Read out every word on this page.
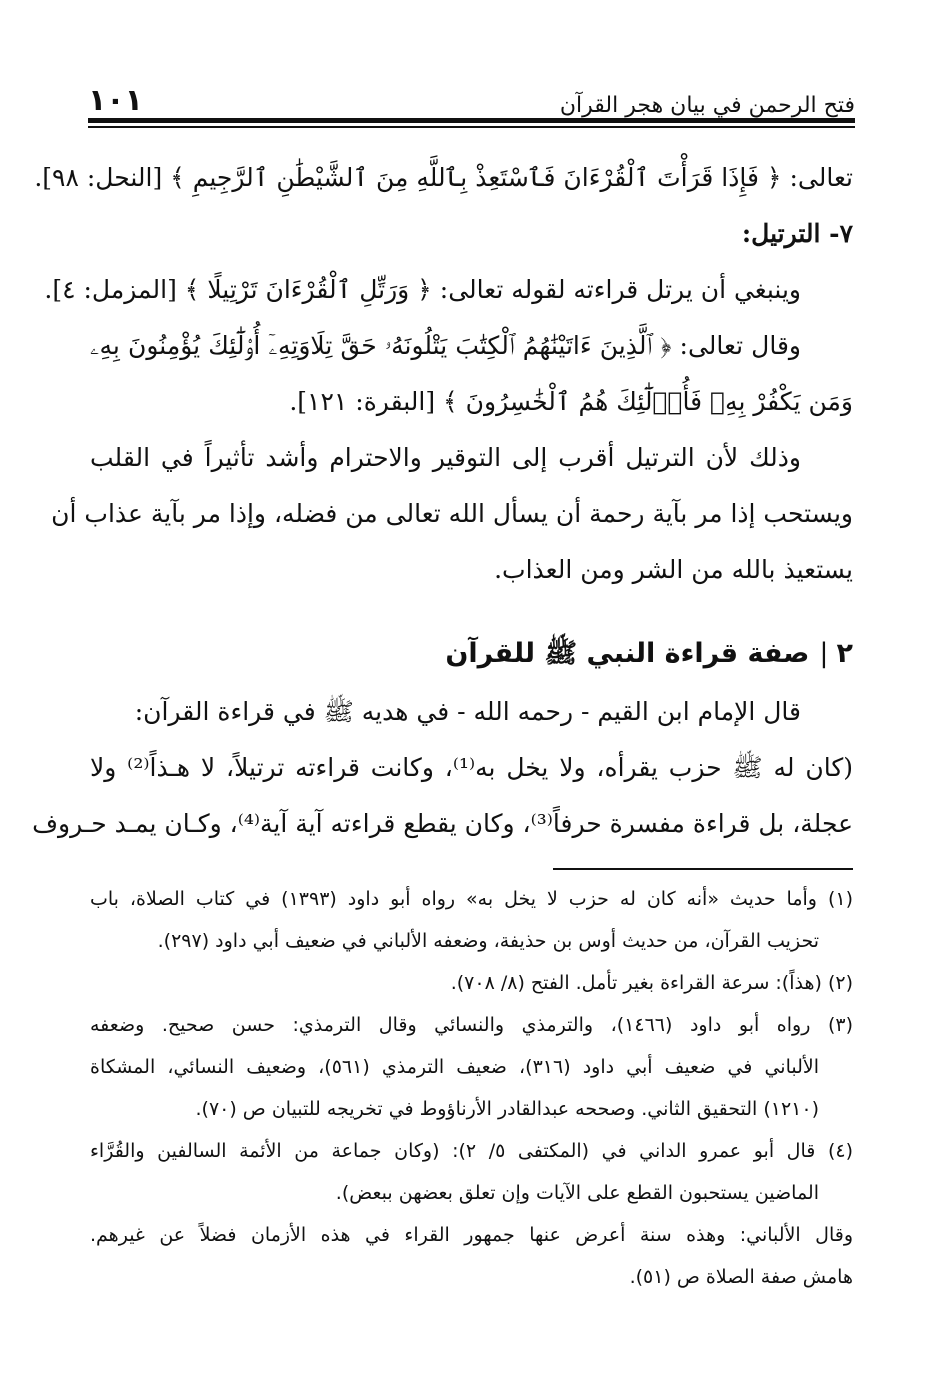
فتح الرحمن في بيان هجر القرآن
١٠١
تعالى: ﴿ فَإِذَا قَرَأْتَ ٱلْقُرْءَانَ فَٱسْتَعِذْ بِٱللَّهِ مِنَ ٱلشَّيْطَٰنِ ٱلرَّجِيمِ ﴾ [النحل: ٩٨].
٧- الترتيل:
وينبغي أن يرتل قراءته لقوله تعالى: ﴿ وَرَتِّلِ ٱلْقُرْءَانَ تَرْتِيلًا ﴾ [المزمل: ٤].
وقال تعالى: ﴿ ٱلَّذِينَ ءَاتَيْنَٰهُمُ ٱلْكِتَٰبَ يَتْلُونَهُۥ حَقَّ تِلَاوَتِهِۦٓ أُو۟لَٰٓئِكَ يُؤْمِنُونَ بِهِۦ
وَمَن يَكْفُرْ بِهِۦ فَأُو۟لَٰٓئِكَ هُمُ ٱلْخَٰسِرُونَ ﴾ [البقرة: ١٢١].
وذلك لأن الترتيل أقرب إلى التوقير والاحترام وأشد تأثيراً في القلب
ويستحب إذا مر بآية رحمة أن يسأل الله تعالى من فضله، وإذا مر بآية عذاب أن
يستعيذ بالله من الشر ومن العذاب.
٢|صفة قراءة النبي ﷺ للقرآن
قال الإمام ابن القيم - رحمه الله - في هديه ﷺ في قراءة القرآن:
(كان له ﷺ حزب يقرأه، ولا يخل به⁽¹⁾، وكانت قراءته ترتيلاً، لا هـذاً⁽²⁾ ولا
عجلة، بل قراءة مفسرة حرفاً⁽³⁾، وكان يقطع قراءته آية آية⁽⁴⁾، وكـان يمـد حـروف
(١) وأما حديث «أنه كان له حزب لا يخل به» رواه أبو داود (١٣٩٣) في كتاب الصلاة، باب
تحزيب القرآن، من حديث أوس بن حذيفة، وضعفه الألباني في ضعيف أبي داود (٢٩٧).
(٢) (هذاً): سرعة القراءة بغير تأمل. الفتح (٨/ ٧٠٨).
(٣) رواه أبو داود (١٤٦٦)، والترمذي والنسائي وقال الترمذي: حسن صحيح. وضعفه
الألباني في ضعيف أبي داود (٣١٦)، ضعيف الترمذي (٥٦١)، وضعيف النسائي، المشكاة
(١٢١٠) التحقيق الثاني. وصححه عبدالقادر الأرناؤوط في تخريجه للتبيان ص (٧٠).
(٤) قال أبو عمرو الداني في (المكتفى ٥/ ٢): (وكان جماعة من الأئمة السالفين والقُرَّاء
الماضين يستحبون القطع على الآيات وإن تعلق بعضهن ببعض).
وقال الألباني: وهذه سنة أعرض عنها جمهور القراء في هذه الأزمان فضلاً عن غيرهم.
هامش صفة الصلاة ص (٥١).
